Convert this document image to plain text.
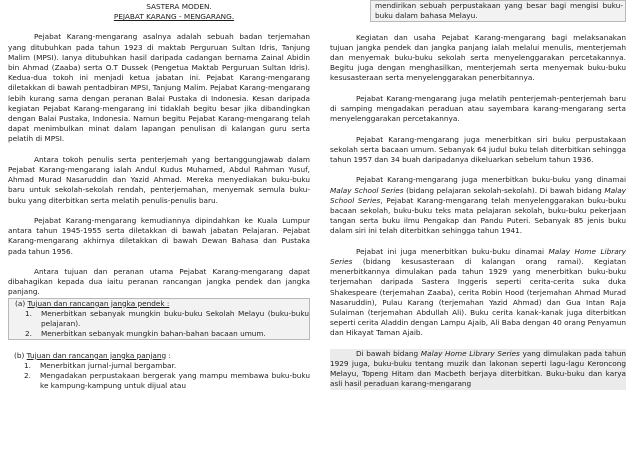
SASTERA MODEN.
PEJABAT KARANG - MENGARANG.

Pejabat Karang-mengarang asalnya adalah sebuah badan terjemahan yang ditubuhkan pada tahun 1923 di maktab Perguruan Sultan Idris, Tanjung Malim (MPSI). Ianya ditubuhkan hasil daripada cadangan bernama Zainal Abidin bin Ahmad (Zaaba) serta O.T Dussek (Pengetua Maktab Perguruan Sultan Idris). Kedua-dua tokoh ini menjadi ketua jabatan ini. Pejabat Karang-mengarang diletakkan di bawah pentadbiran MPSI, Tanjung Malim. Pejabat Karang-mengarang lebih kurang sama dengan peranan Balai Pustaka di Indonesia. Kesan daripada kegiatan Pejabat Karang-mengarang ini tidaklah begitu besar jika dibandingkan dengan Balai Pustaka, Indonesia. Namun begitu Pejabat Karang-mengarang telah dapat menimbulkan minat dalam lapangan penulisan di kalangan guru serta pelatih di MPSI.

Antara tokoh penulis serta penterjemah yang bertanggungjawab dalam Pejabat Karang-mengarang ialah Andul Kudus Muhamed, Abdul Rahman Yusuf, Ahmad Murad Nasaruddin dan Yazid Ahmad. Mereka menyediakan buku-buku baru untuk sekolah-sekolah rendah, penterjemahan, menyemak semula buku-buku yang diterbitkan serta melatih penulis-penulis baru.

Pejabat Karang-mengarang kemudiannya dipindahkan ke Kuala Lumpur antara tahun 1945-1955 serta diletakkan di bawah jabatan Pelajaran. Pejabat Karang-mengarang akhirnya diletakkan di bawah Dewan Bahasa dan Pustaka pada tahun 1956.

Antara tujuan dan peranan utama Pejabat Karang-mengarang dapat dibahagikan kepada dua iaitu peranan rancangan jangka pendek dan jangka panjang.

(a) Tujuan dan rancangan jangka pendek :
1. Menerbitkan sebanyak mungkin buku-buku Sekolah Melayu (buku-buku pelajaran).
2. Menerbitkan sebanyak mungkin bahan-bahan bacaan umum.
(b) Tujuan dan rancangan jangka panjang :
1. Menerbitkan jurnal-jurnal bergambar.
2. Mengadakan perpustakaan bergerak yang mampu membawa buku-buku ke kampung-kampung untuk dijual atau
mendirikan sebuah perpustakaan yang besar bagi mengisi buku-buku dalam bahasa Melayu.

Kegiatan dan usaha Pejabat Karang-mengarang bagi melaksanakan tujuan jangka pendek dan jangka panjang ialah melalui menulis, menterjemah dan menyemak buku-buku sekolah serta menyelenggarakan percetakannya. Begitu juga dengan menghasilkan, menterjemah serta menyemak buku-buku kesusasteraan serta menyelenggarakan penerbitannya.

Pejabat Karang-mengarang juga melatih penterjemah-penterjemah baru di samping mengadakan peraduan atau sayembara karang-mengarang serta menyelenggarakan percetakannya.

Pejabat Karang-mengarang juga menerbitkan siri buku perpustakaan sekolah serta bacaan umum. Sebanyak 64 judul buku telah diterbitkan sehingga tahun 1957 dan 34 buah daripadanya dikeluarkan sebelum tahun 1936.

Pejabat Karang-mengarang juga menerbitkan buku-buku yang dinamai Malay School Series (bidang pelajaran sekolah-sekolah). Di bawah bidang Malay School Series, Pejabat Karang-mengarang telah menyelenggarakan buku-buku bacaan sekolah, buku-buku teks mata pelajaran sekolah, buku-buku pekerjaan tangan serta buku ilmu Pengakap dan Pandu Puteri. Sebanyak 85 jenis buku dalam siri ini telah diterbitkan sehingga tahun 1941.

Pejabat ini juga menerbitkan buku-buku dinamai Malay Home Library Series (bidang kesusasteraan di kalangan orang ramai). Kegiatan menerbitkannya dimulakan pada tahun 1929 yang menerbitkan buku-buku terjemahan daripada Sastera Inggeris seperti cerita-cerita suka duka Shakespeare (terjemahan Zaaba), cerita Robin Hood (terjemahan Ahmad Murad Nasaruddin), Pulau Karang (terjemahan Yazid Ahmad) dan Gua Intan Raja Sulaiman (terjemahan Abdullah Ali). Buku cerita kanak-kanak juga diterbitkan seperti cerita Aladdin dengan Lampu Ajaib, Ali Baba dengan 40 orang Penyamun dan Hikayat Taman Ajaib.

Di bawah bidang Malay Home Library Series yang dimulakan pada tahun 1929 juga, buku-buku tentang muzik dan lakonan seperti lagu-lagu Keroncong Melayu, Topeng Hitam dan Macbeth berjaya diterbitkan. Buku-buku dan karya asli hasil peraduan karang-mengarang
